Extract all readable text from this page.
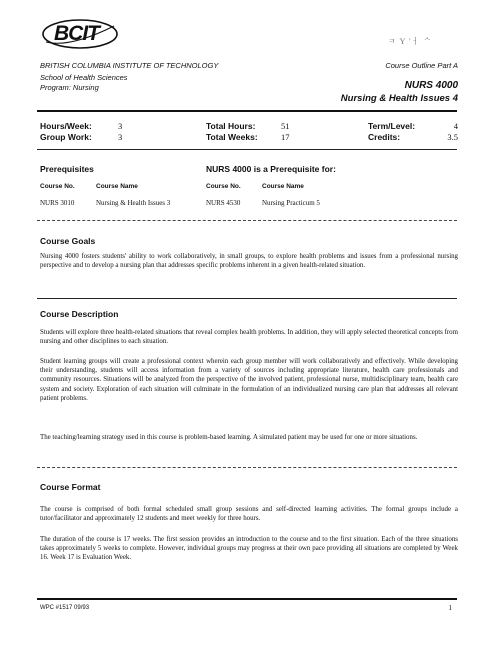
BCIT	ㅋ Y 'ㅓ ᄉ
BRITISH COLUMBIA INSTITUTE OF TECHNOLOGY
School of Health Sciences
Program: Nursing
Course Outline Part A
NURS 4000
Nursing & Health Issues 4
Hours/Week:	3
Group Work:	3
Total Hours:	51
Total Weeks:	17
Term/Level:	4
Credits:	3.5
Prerequisites
Course No.	Course Name
NURS 3010	Nursing & Health Issues 3
NURS 4000 is a Prerequisite for:
Course No.	Course Name
NURS 4530	Nursing Practicum 5
Course Goals
Nursing 4000 fosters students' ability to work collaboratively, in small groups, to explore health problems and issues from a professional nursing perspective and to develop a nursing plan that addresses specific problems inherent in a given health-related situation.
Course Description
Students will explore three health-related situations that reveal complex health problems. In addition, they will apply selected theoretical concepts from nursing and other disciplines to each situation.
Student learning groups will create a professional context wherein each group member will work collaboratively and effectively. While developing their understanding, students will access information from a variety of sources including appropriate literature, health care professionals and community resources. Situations will be analyzed from the perspective of the involved patient, professional nurse, multidisciplinary team, health care system and society. Exploration of each situation will culminate in the formulation of an individualized nursing care plan that addresses all relevant patient problems.
The teaching/learning strategy used in this course is problem-based learning. A simulated patient may be used for one or more situations.
Course Format
The course is comprised of both formal scheduled small group sessions and self-directed learning activities. The formal groups include a tutor/facilitator and approximately 12 students and meet weekly for three hours.
The duration of the course is 17 weeks. The first session provides an introduction to the course and to the first situation. Each of the three situations takes approximately 5 weeks to complete. However, individual groups may progress at their own pace providing all situations are completed by Week 16. Week 17 is Evaluation Week.
WPC #1517 09/93	1
